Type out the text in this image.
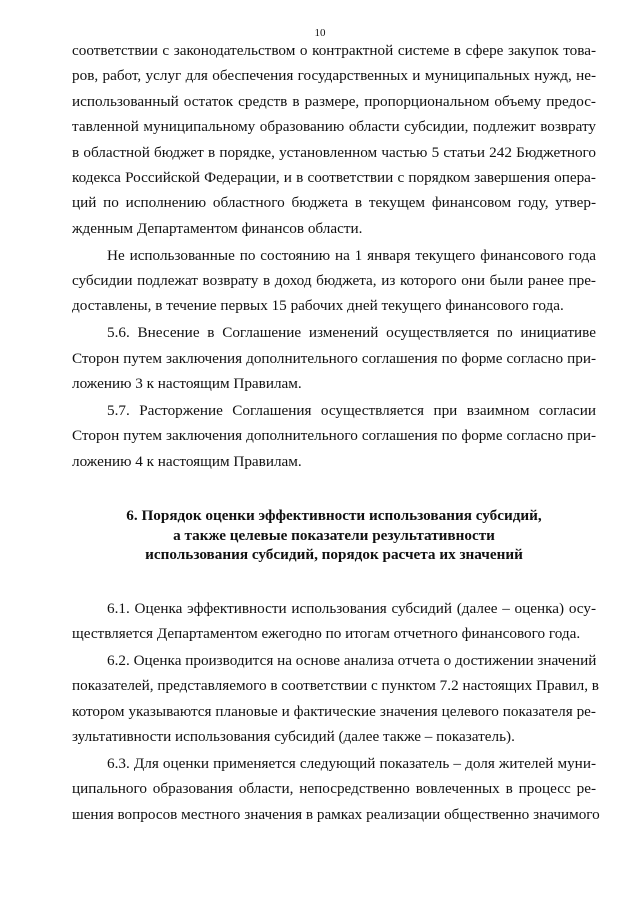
10
соответствии с законодательством о контрактной системе в сфере закупок това-
ров, работ, услуг для обеспечения государственных и муниципальных нужд, не-
использованный остаток средств в размере, пропорциональном объему предос-
тавленной муниципальному образованию области субсидии, подлежит возврату
в областной бюджет в порядке, установленном частью 5 статьи 242 Бюджетного
кодекса Российской Федерации, и в соответствии с порядком завершения опера-
ций по исполнению областного бюджета в текущем финансовом году, утвер-
жденным Департаментом финансов области.
Не использованные по состоянию на 1 января текущего финансового года
субсидии подлежат возврату в доход бюджета, из которого они были ранее пре-
доставлены, в течение первых 15 рабочих дней текущего финансового года.
5.6. Внесение в Соглашение изменений осуществляется по инициативе
Сторон путем заключения дополнительного соглашения по форме согласно при-
ложению 3 к настоящим Правилам.
5.7. Расторжение Соглашения осуществляется при взаимном согласии
Сторон путем заключения дополнительного соглашения по форме согласно при-
ложению 4 к настоящим Правилам.
6. Порядок оценки эффективности использования субсидий,
а также целевые показатели результативности
использования субсидий, порядок расчета их значений
6.1. Оценка эффективности использования субсидий (далее – оценка) осу-
ществляется Департаментом ежегодно по итогам отчетного финансового года.
6.2. Оценка производится на основе анализа отчета о достижении значений
показателей, представляемого в соответствии с пунктом 7.2 настоящих Правил, в
котором указываются плановые и фактические значения целевого показателя ре-
зультативности использования субсидий (далее также – показатель).
6.3. Для оценки применяется следующий показатель – доля жителей муни-
ципального образования области, непосредственно вовлеченных в процесс ре-
шения вопросов местного значения в рамках реализации общественно значимого
